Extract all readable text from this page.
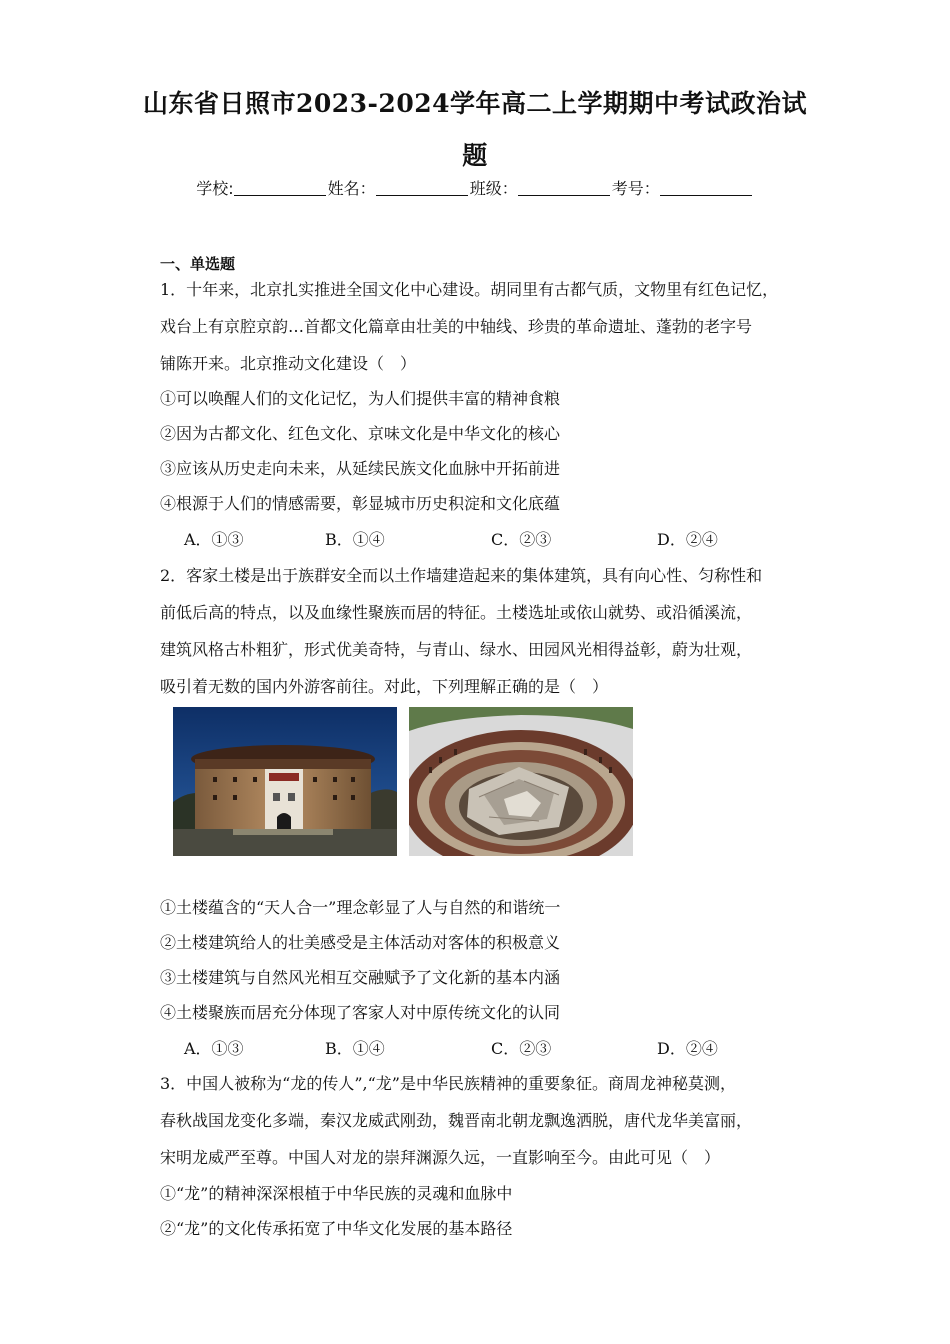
山东省日照市2023-2024学年高二上学期期中考试政治试
题
学校:	姓名：	班级：	考号：
一、单选题
1．十年来，北京扎实推进全国文化中心建设。胡同里有古都气质，文物里有红色记忆，
戏台上有京腔京韵…首都文化篇章由壮美的中轴线、珍贵的革命遗址、蓬勃的老字号
铺陈开来。北京推动文化建设（　）
①可以唤醒人们的文化记忆，为人们提供丰富的精神食粮
②因为古都文化、红色文化、京味文化是中华文化的核心
③应该从历史走向未来，从延续民族文化血脉中开拓前进
④根源于人们的情感需要，彰显城市历史积淀和文化底蕴
A．①③	B．①④	C．②③	D．②④
2．客家土楼是出于族群安全而以土作墙建造起来的集体建筑，具有向心性、匀称性和
前低后高的特点，以及血缘性聚族而居的特征。土楼选址或依山就势、或沿循溪流，
建筑风格古朴粗犷，形式优美奇特，与青山、绿水、田园风光相得益彰，蔚为壮观，
吸引着无数的国内外游客前往。对此，下列理解正确的是（　）
①土楼蕴含的“天人合一”理念彰显了人与自然的和谐统一
②土楼建筑给人的壮美感受是主体活动对客体的积极意义
③土楼建筑与自然风光相互交融赋予了文化新的基本内涵
④土楼聚族而居充分体现了客家人对中原传统文化的认同
A．①③	B．①④	C．②③	D．②④
3．中国人被称为“龙的传人”,“龙”是中华民族精神的重要象征。商周龙神秘莫测，
春秋战国龙变化多端，秦汉龙威武刚劲，魏晋南北朝龙飘逸洒脱，唐代龙华美富丽，
宋明龙威严至尊。中国人对龙的崇拜渊源久远，一直影响至今。由此可见（　）
①“龙”的精神深深根植于中华民族的灵魂和血脉中
②“龙”的文化传承拓宽了中华文化发展的基本路径
